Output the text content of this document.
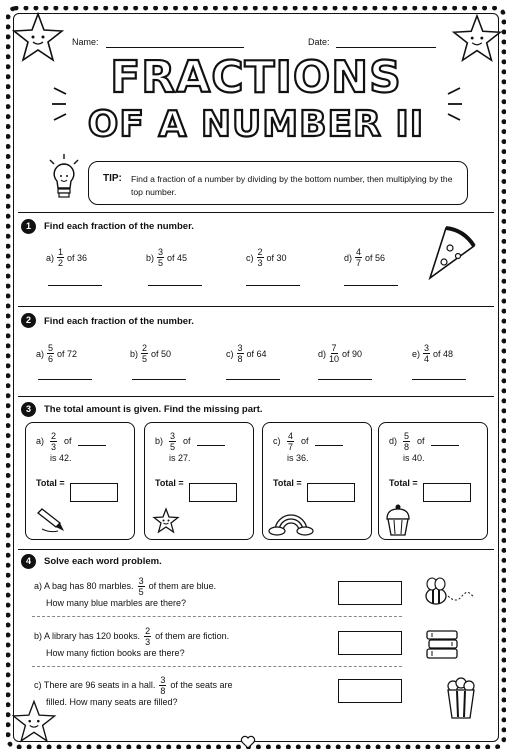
Name:	Date:
FRACTIONS
OF A NUMBER II
TIP: Find a fraction of a number by dividing by the bottom number, then multiplying by the top number.
1	Find each fraction of the number.
$a) \frac{1}{2}$ of 36	$b) \frac{3}{5}$ of 45	$c) \frac{2}{3}$ of 30	$d) \frac{4}{7}$ of 56
2	Find each fraction of the number.
$a) \frac{5}{6}$ of 72	$b) \frac{2}{5}$ of 50	$c) \frac{3}{8}$ of 64	$d) \frac{7}{10}$ of 90	$e) \frac{3}{4}$ of 48
3	The total amount is given. Find the missing part.
$a) \frac{2}{3}$ of
is 42.
Total =
$b) \frac{3}{5}$ of
is 27.
Total =
$c) \frac{4}{7}$ of
is 36.
Total =
$d) \frac{5}{8}$ of
is 40.
Total =
4	Solve each word problem.
a) A bag has 80 marbles. $\frac{3}{5}$ of them are blue.
How many blue marbles are there?
b) A library has 120 books. $\frac{2}{3}$ of them are fiction.
How many fiction books are there?
c) There are 96 seats in a hall. $\frac{3}{8}$ of the seats are
filled. How many seats are filled?
